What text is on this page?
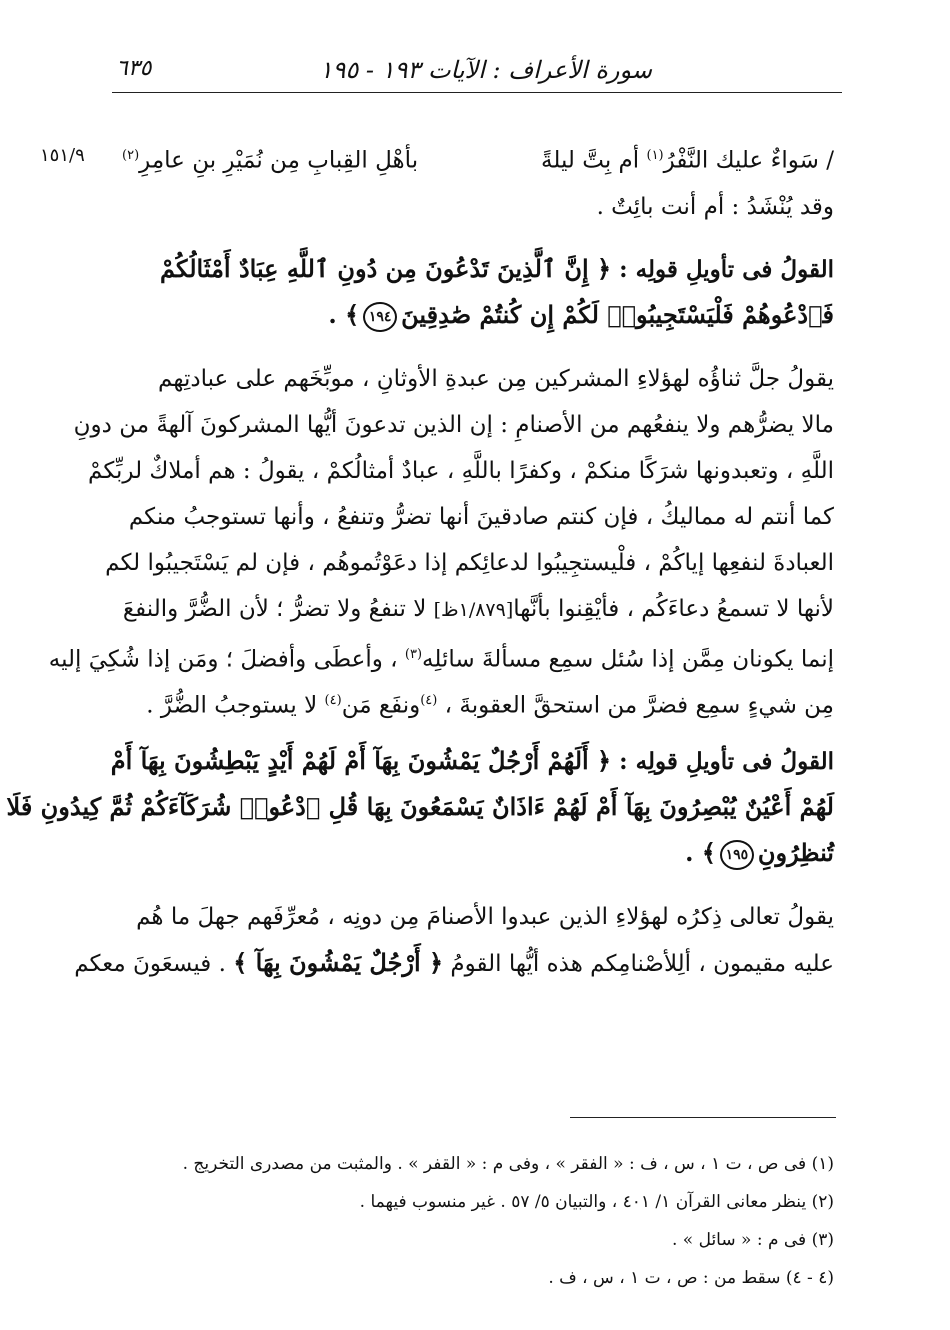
سورة الأعراف : الآيات ١٩٣ - ١٩٥
٦٣٥
١٥١/٩	/ سَواءٌ عليك النَّفْرُ$^{(١)}$ أم بِتَّ ليلةً
بأهْلِ القِبابِ مِن نُمَيْرِ بنِ عامِرِ$^{(٢)}$
وقد يُنْشَدُ : أم أنت بائِتٌ .
القولُ فى تأويلِ قولِه : ﴿ إِنَّ ٱلَّذِينَ تَدْعُونَ مِن دُونِ ٱللَّهِ عِبَادٌ أَمْثَالُكُمْ
فَٱدْعُوهُمْ فَلْيَسْتَجِيبُوا۟ لَكُمْ إِن كُنتُمْ صَٰدِقِينَ١٩٤﴾ .
يقولُ جلَّ ثناؤُه لهؤلاءِ المشركين مِن عبدةِ الأوثانِ ، موبِّخَهم على عبادتِهم
مالا يضرُّهم ولا ينفعُهم من الأصنامِ : إن الذين تدعونَ أيُّها المشركونَ آلهةً من دونِ
اللَّهِ ، وتعبدونها شرَكًا منكمْ ، وكفرًا باللَّهِ ، عبادٌ أمثالُكمْ ، يقولُ : هم أملاكٌ لربِّكمْ
كما أنتم له مماليكُ ، فإن كنتم صادقينَ أنها تضرُّ وتنفعُ ، وأنها تستوجبُ منكم
العبادةَ لنفعِها إياكُمْ ، فلْيستجِيبُوا لدعائِكم إذا دعَوْتُموهُم ، فإن لم يَسْتَجيبُوا لكم
لأنها لا تسمعُ دعاءَكُم ، فأيْقِنوا بأنَّها[١/٨٧٩ظ] لا تنفعُ ولا تضرُّ ؛ لأن الضُّرَّ والنفعَ
إنما يكونان مِمَّن إذا سُئل سمِع مسألةَ سائلِه$^{(٣)}$ ، وأعطَى وأفضلَ ؛ ومَن إذا شُكِيَ إليه
مِن شيءٍ سمِع فضرَّ من استحقَّ العقوبةَ ، $^{(٤)}$ونفَع مَن$^{(٤)}$ لا يستوجبُ الضُّرَّ .
القولُ فى تأويلِ قولِه : ﴿ أَلَهُمْ أَرْجُلٌ يَمْشُونَ بِهَآ أَمْ لَهُمْ أَيْدٍ يَبْطِشُونَ بِهَآ أَمْ
لَهُمْ أَعْيُنٌ يُبْصِرُونَ بِهَآ أَمْ لَهُمْ ءَاذَانٌ يَسْمَعُونَ بِهَا قُلِ ٱدْعُوا۟ شُرَكَآءَكُمْ ثُمَّ كِيدُونِ فَلَا
تُنظِرُونِ١٩٥﴾ .
يقولُ تعالى ذِكرُه لهؤلاءِ الذين عبدوا الأصنامَ مِن دونِه ، مُعرِّفَهم جهلَ ما هُم
عليه مقيمون ، ألِلأصْنامِكم هذه أيُّها القومُ ﴿ أَرْجُلٌ يَمْشُونَ بِهَآ ﴾ . فيسعَونَ معكم
(١) فى ص ، ت ١ ، س ، ف : « الفقر » ، وفى م : « القفر » . والمثبت من مصدرى التخريج .
(٢) ينظر معانى القرآن ١/ ٤٠١ ، والتبيان ٥/ ٥٧ . غير منسوب فيهما .
(٣) فى م : « سائل » .
(٤ - ٤) سقط من : ص ، ت ١ ، س ، ف .
